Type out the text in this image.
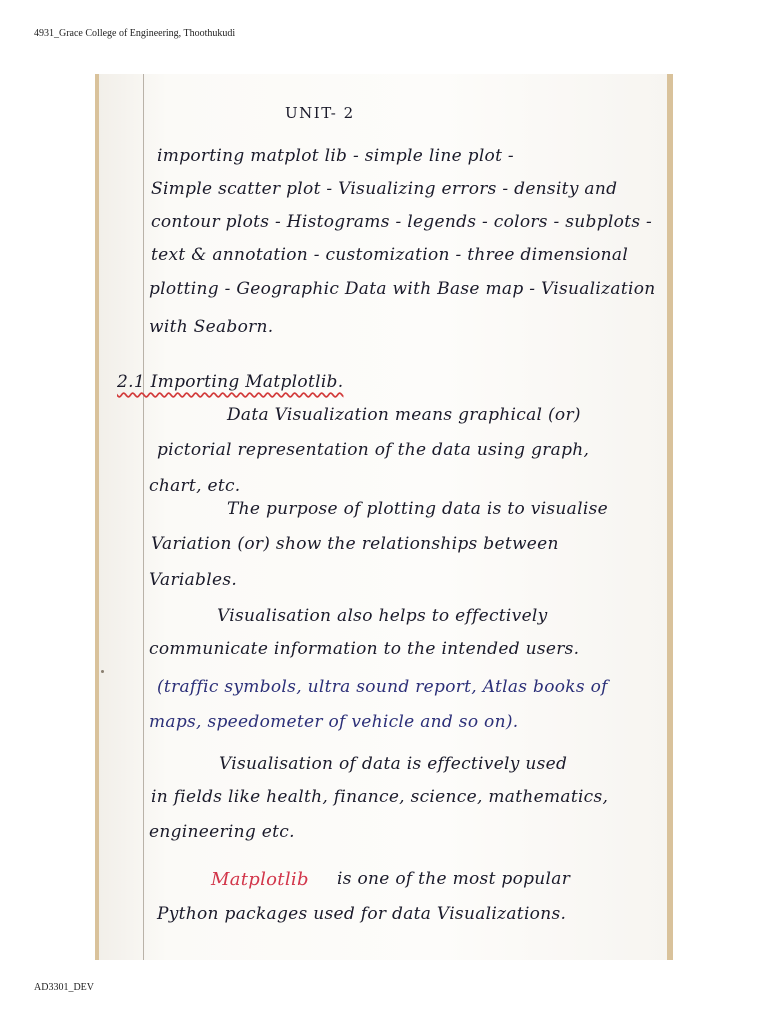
4931_Grace College of Engineering, Thoothukudi

UNIT- 2

importing matplot lib - simple line plot -

Simple scatter plot - Visualizing errors - density and

contour plots - Histograms - legends - colors - subplots -

text & annotation - customization - three dimensional

plotting - Geographic Data with Base map - Visualization

with Seaborn.

2.1 Importing Matplotlib.

Data Visualization means graphical (or)

pictorial representation of the data using graph,

chart, etc.

The purpose of plotting data is to visualise

Variation (or) show the relationships between

Variables.

Visualisation also helps to effectively

communicate information to the intended users.

(traffic symbols, ultra sound report, Atlas books of

maps, speedometer of vehicle and so on).

Visualisation of data is effectively used

in fields like health, finance, science, mathematics,

engineering etc.

Matplotlib is one of the most popular

Python packages used for data Visualizations.

AD3301_DEV
